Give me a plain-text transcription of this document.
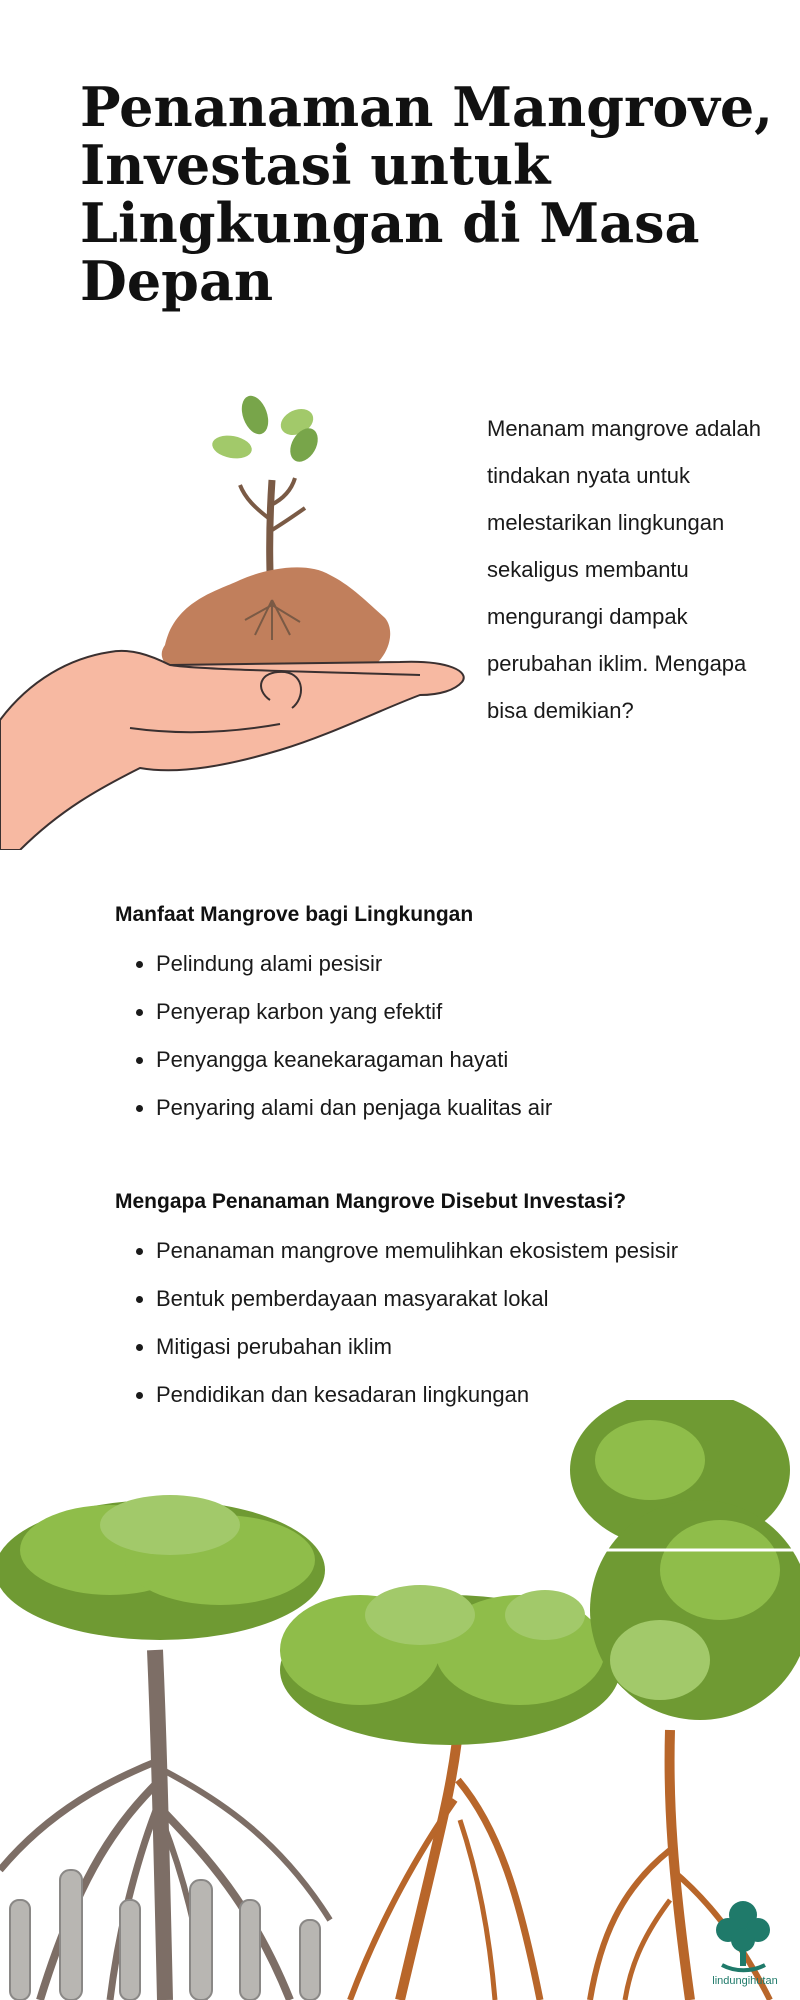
Penanaman Mangrove, Investasi untuk Lingkungan di Masa Depan

Menanam mangrove adalah tindakan nyata untuk melestarikan lingkungan sekaligus membantu mengurangi dampak perubahan iklim. Mengapa bisa demikian?

Manfaat Mangrove bagi Lingkungan
• Pelindung alami pesisir
• Penyerap karbon yang efektif
• Penyangga keanekaragaman hayati
• Penyaring alami dan penjaga kualitas air
Mengapa Penanaman Mangrove Disebut Investasi?
• Penanaman mangrove memulihkan ekosistem pesisir
• Bentuk pemberdayaan masyarakat lokal
• Mitigasi perubahan iklim
• Pendidikan dan kesadaran lingkungan
lindungihutan
